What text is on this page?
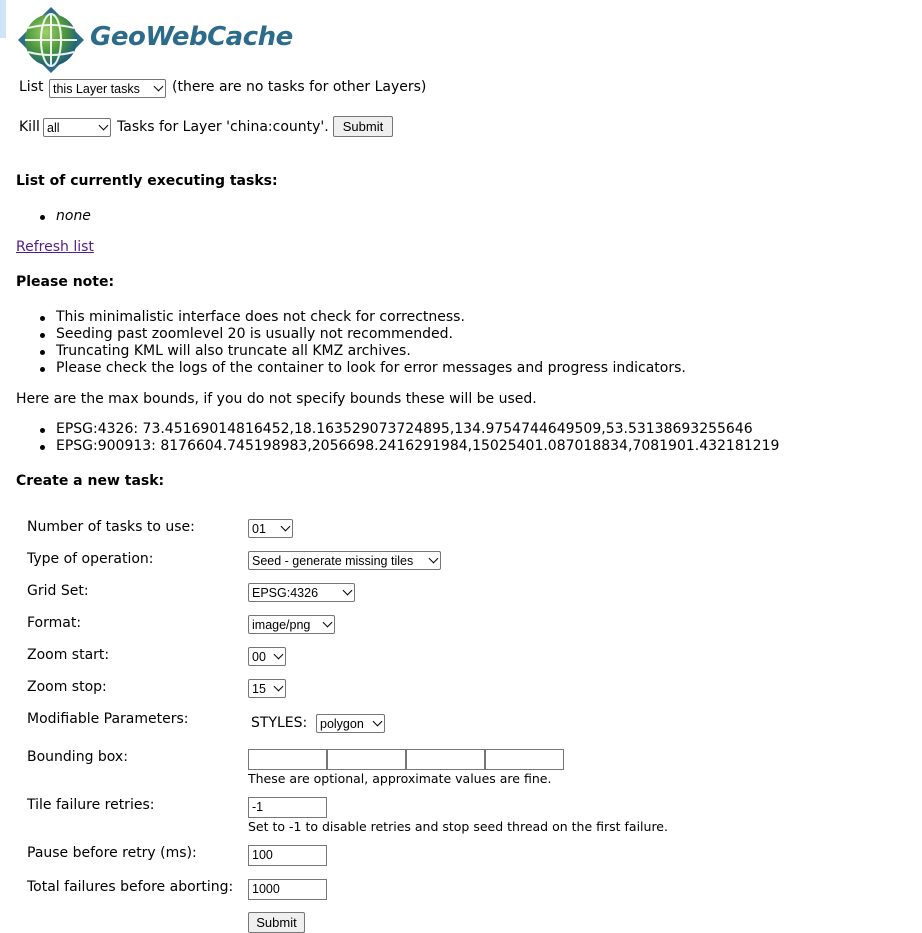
GeoWebCache
List this Layer tasks	(there are no tasks for other Layers)
Kill all	Tasks for Layer 'china:county'.	Submit
List of currently executing tasks:
none
Refresh list
Please note:
This minimalistic interface does not check for correctness.
Seeding past zoomlevel 20 is usually not recommended.
Truncating KML will also truncate all KMZ archives.
Please check the logs of the container to look for error messages and progress indicators.
Here are the max bounds, if you do not specify bounds these will be used.
EPSG:4326: 73.45169014816452,18.163529073724895,134.9754744649509,53.53138693255646
EPSG:900913: 8176604.745198983,2056698.2416291984,15025401.087018834,7081901.432181219
Create a new task:
Number of tasks to use:	01
Type of operation:	Seed - generate missing tiles
Grid Set:	EPSG:4326
Format:	image/png
Zoom start:	00
Zoom stop:	15
Modifiable Parameters:	STYLES:	polygon
Bounding box:
These are optional, approximate values are fine.
Tile failure retries:	-1
Set to -1 to disable retries and stop seed thread on the first failure.
Pause before retry (ms):	100
Total failures before aborting:	1000
Submit
